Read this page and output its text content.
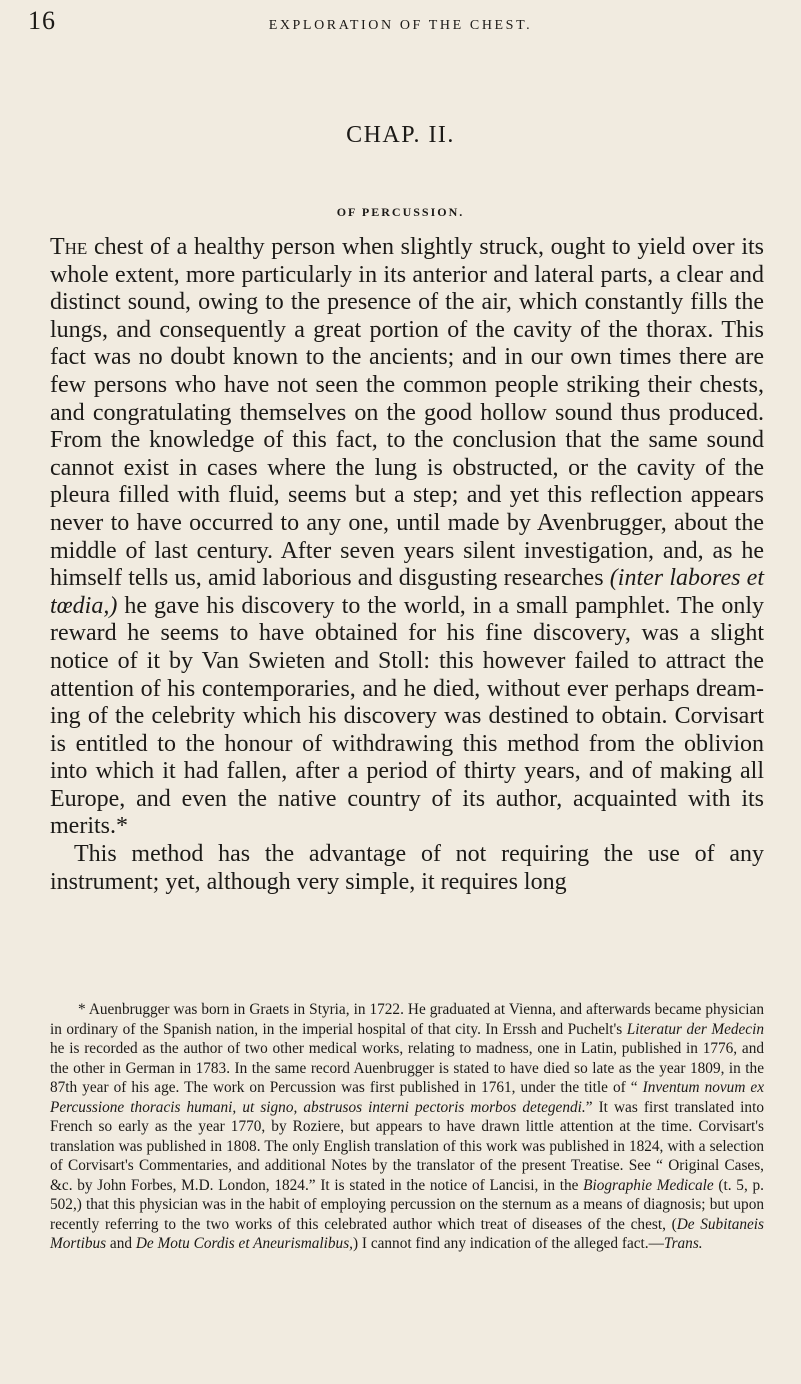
16	EXPLORATION OF THE CHEST.
CHAP. II.
OF PERCUSSION.

The chest of a healthy person when slightly struck, ought to yield over its whole extent, more particularly in its anterior and lateral parts, a clear and distinct sound, owing to the presence of the air, which constantly fills the lungs, and consequently a great portion of the cavity of the thorax. This fact was no doubt known to the ancients; and in our own times there are few persons who have not seen the common people striking their chests, and congratulating themselves on the good hollow sound thus produced. From the knowledge of this fact, to the conclusion that the same sound cannot exist in cases where the lung is obstructed, or the cavity of the pleura filled with fluid, seems but a step; and yet this reflection appears never to have occurred to any one, until made by Avenbrugger, about the middle of last century. After seven years silent investigation, and, as he himself tells us, amid laborious and disgusting researches (inter labores et tœdia,) he gave his discovery to the world, in a small pamphlet. The only reward he seems to have obtained for his fine discovery, was a slight notice of it by Van Swieten and Stoll: this however failed to attract the attention of his contemporaries, and he died, without ever perhaps dreaming of the celebrity which his discovery was destined to obtain. Corvisart is entitled to the honour of withdrawing this method from the oblivion into which it had fallen, after a period of thirty years, and of making all Europe, and even the native country of its author, acquainted with its merits.*
This method has the advantage of not requiring the use of any instrument; yet, although very simple, it requires long

* Auenbrugger was born in Graets in Styria, in 1722. He graduated at Vienna, and afterwards became physician in ordinary of the Spanish nation, in the imperial hospital of that city. In Erssh and Puchelt's Literatur der Medecin he is recorded as the author of two other medical works, relating to madness, one in Latin, published in 1776, and the other in German in 1783. In the same record Auenbrugger is stated to have died so late as the year 1809, in the 87th year of his age. The work on Percussion was first published in 1761, under the title of “ Inventum novum ex Percussione thoracis humani, ut signo, abstrusos interni pectoris morbos detegendi.” It was first translated into French so early as the year 1770, by Roziere, but appears to have drawn little attention at the time. Corvisart's translation was published in 1808. The only English translation of this work was published in 1824, with a selection of Corvisart's Commentaries, and additional Notes by the translator of the present Treatise. See “ Original Cases, &c. by John Forbes, M.D. London, 1824.” It is stated in the notice of Lancisi, in the Biographie Medicale (t. 5, p. 502,) that this physician was in the habit of employing percussion on the sternum as a means of diagnosis; but upon recently referring to the two works of this celebrated author which treat of diseases of the chest, (De Subitaneis Mortibus and De Motu Cordis et Aneurismalibus,) I cannot find any indication of the alleged fact.—Trans.
